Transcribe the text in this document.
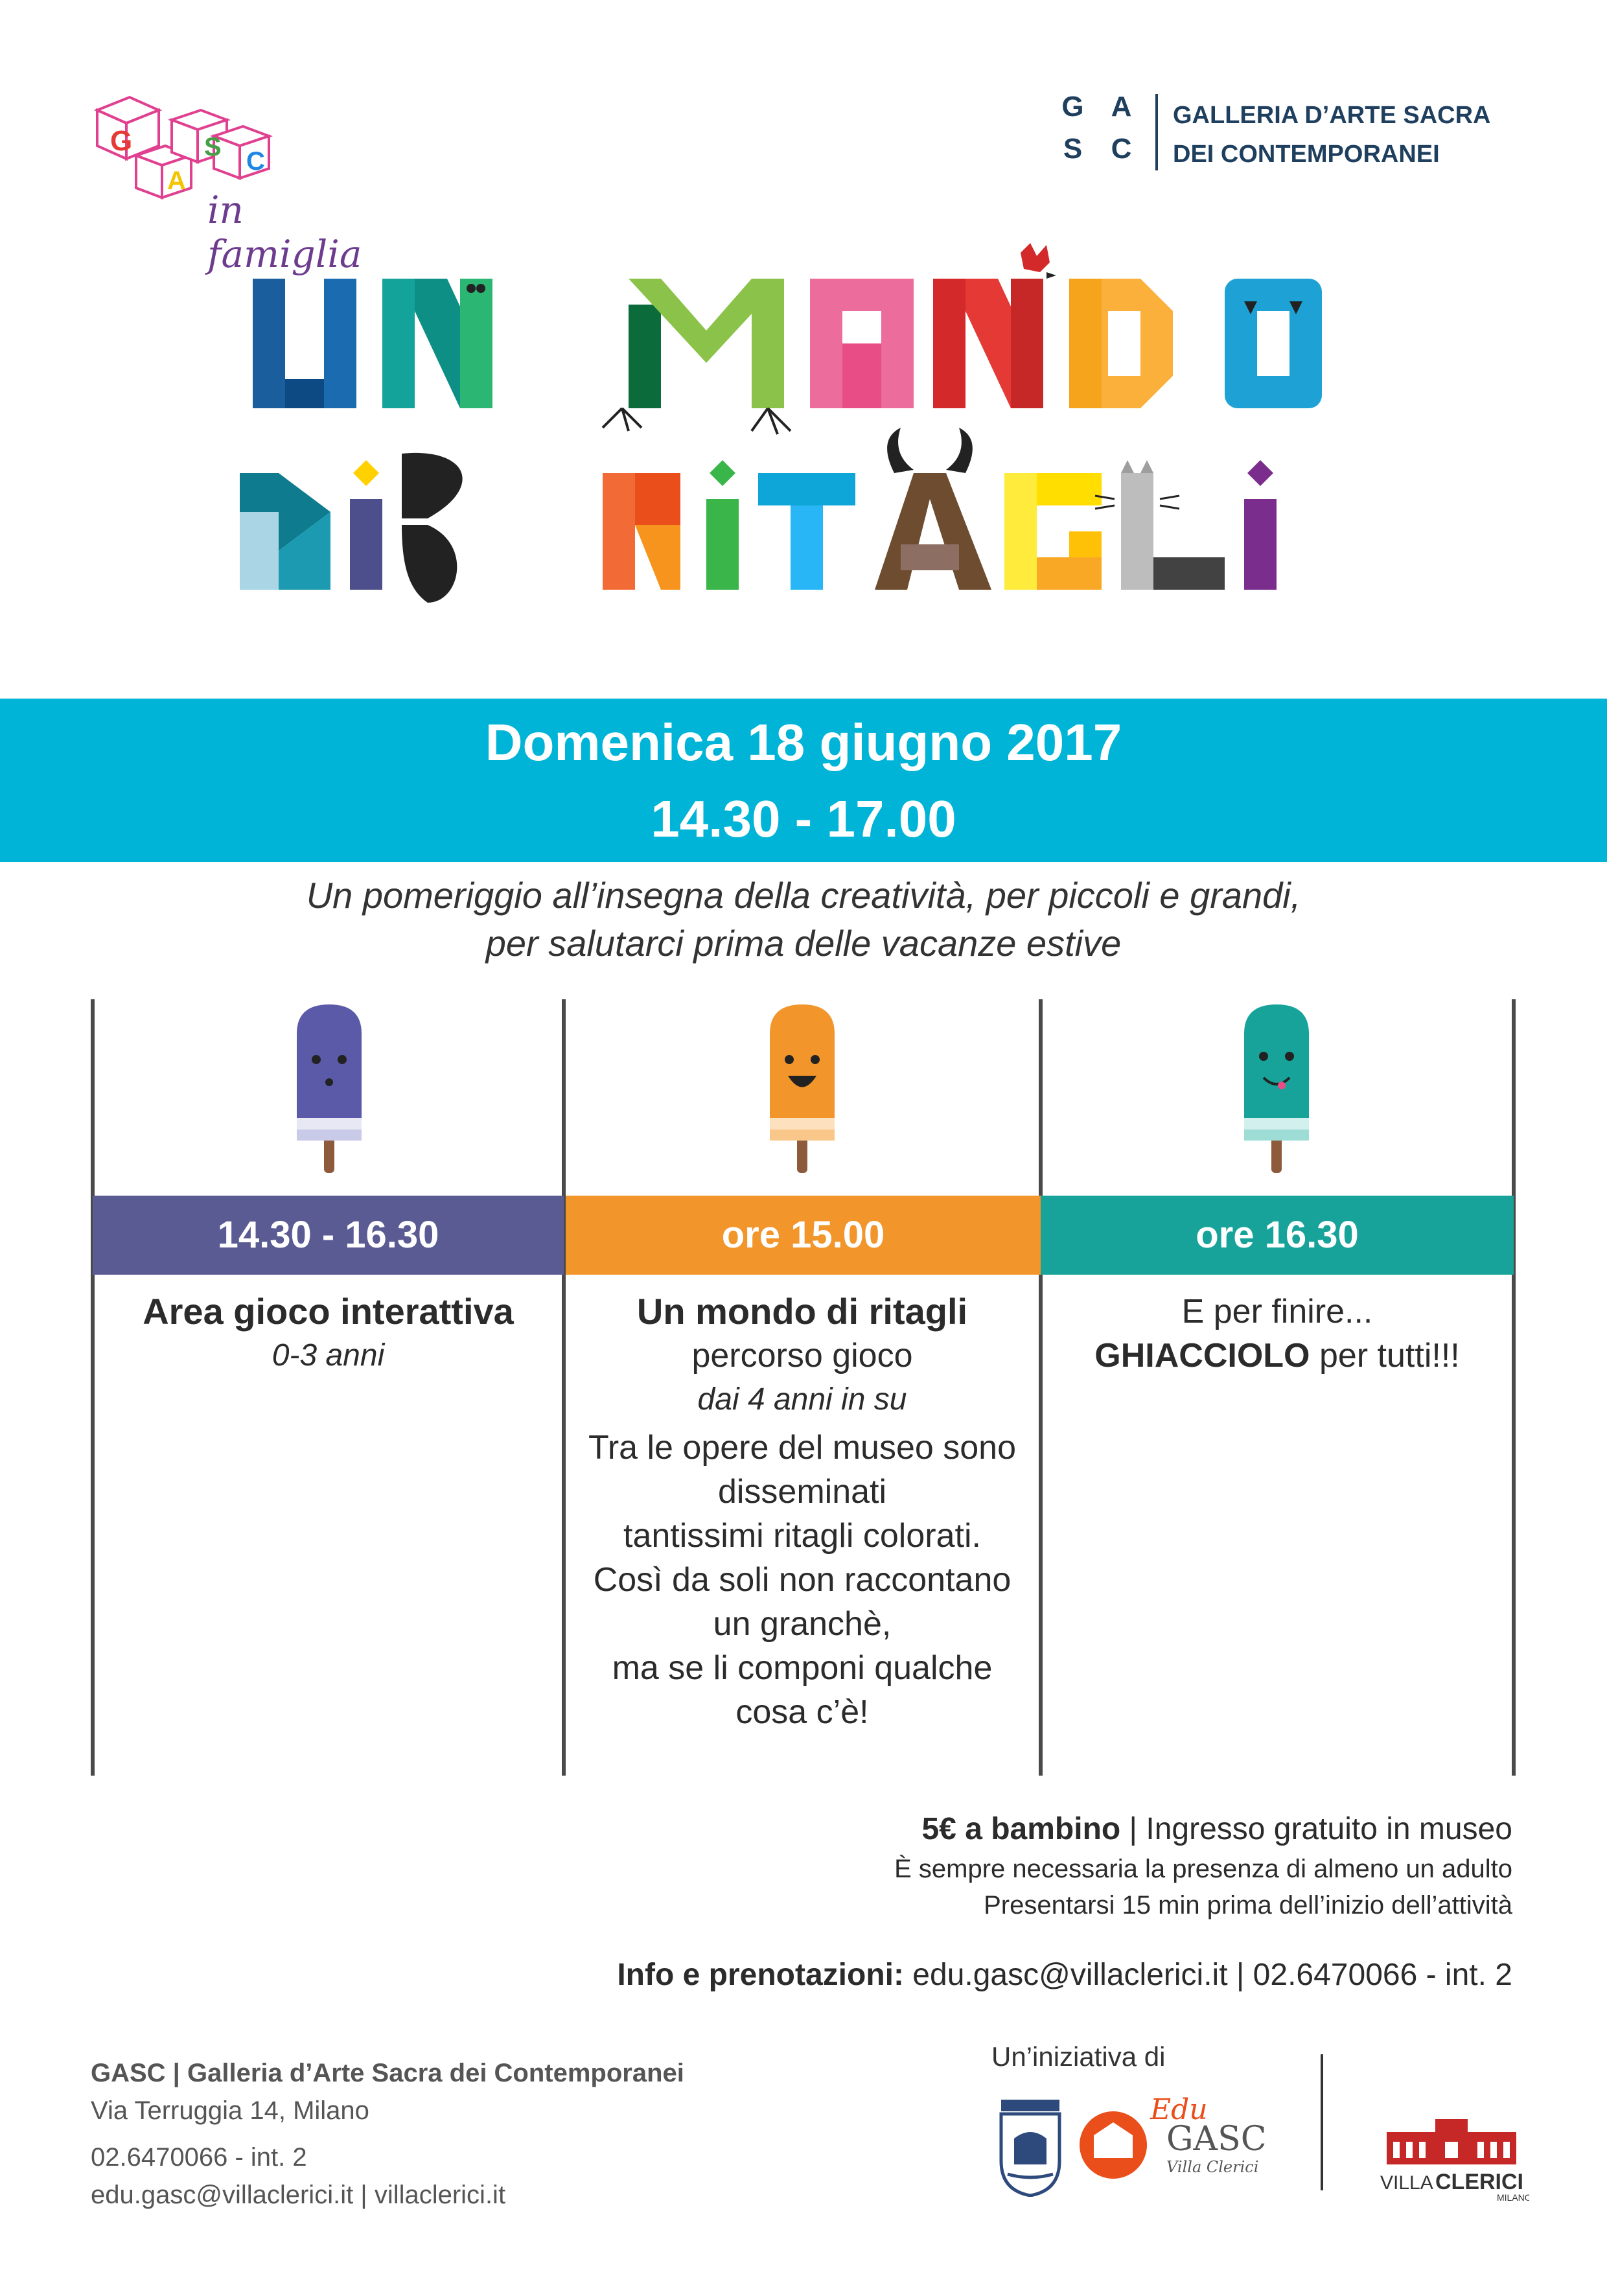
G
A
S C
in famiglia
G A
S C
GALLERIA D’ARTE SACRA
DEI CONTEMPORANEI
Domenica 18 giugno 2017
14.30 - 17.00
Un pomeriggio all’insegna della creatività, per piccoli e grandi,
per salutarci prima delle vacanze estive
14.30 - 16.30	ore 15.00	ore 16.30
Area gioco interattiva
0-3 anni
Un mondo di ritagli
percorso gioco
dai 4 anni in su
Tra le opere del museo sono
disseminati
tantissimi ritagli colorati.
Così da soli non raccontano
un granchè,
ma se li componi qualche
cosa c’è!
E per finire...
GHIACCIOLO per tutti!!!
5€ a bambino | Ingresso gratuito in museo
È sempre necessaria la presenza di almeno un adulto
Presentarsi 15 min prima dell’inizio dell’attività
Info e prenotazioni: edu.gasc@villaclerici.it | 02.6470066 - int. 2
GASC | Galleria d’Arte Sacra dei Contemporanei
Via Terruggia 14, Milano
02.6470066 - int. 2
edu.gasc@villaclerici.it | villaclerici.it
Un’iniziativa di
Edu
GASC
Villa Clerici
VILLA CLERICI
MILANO
